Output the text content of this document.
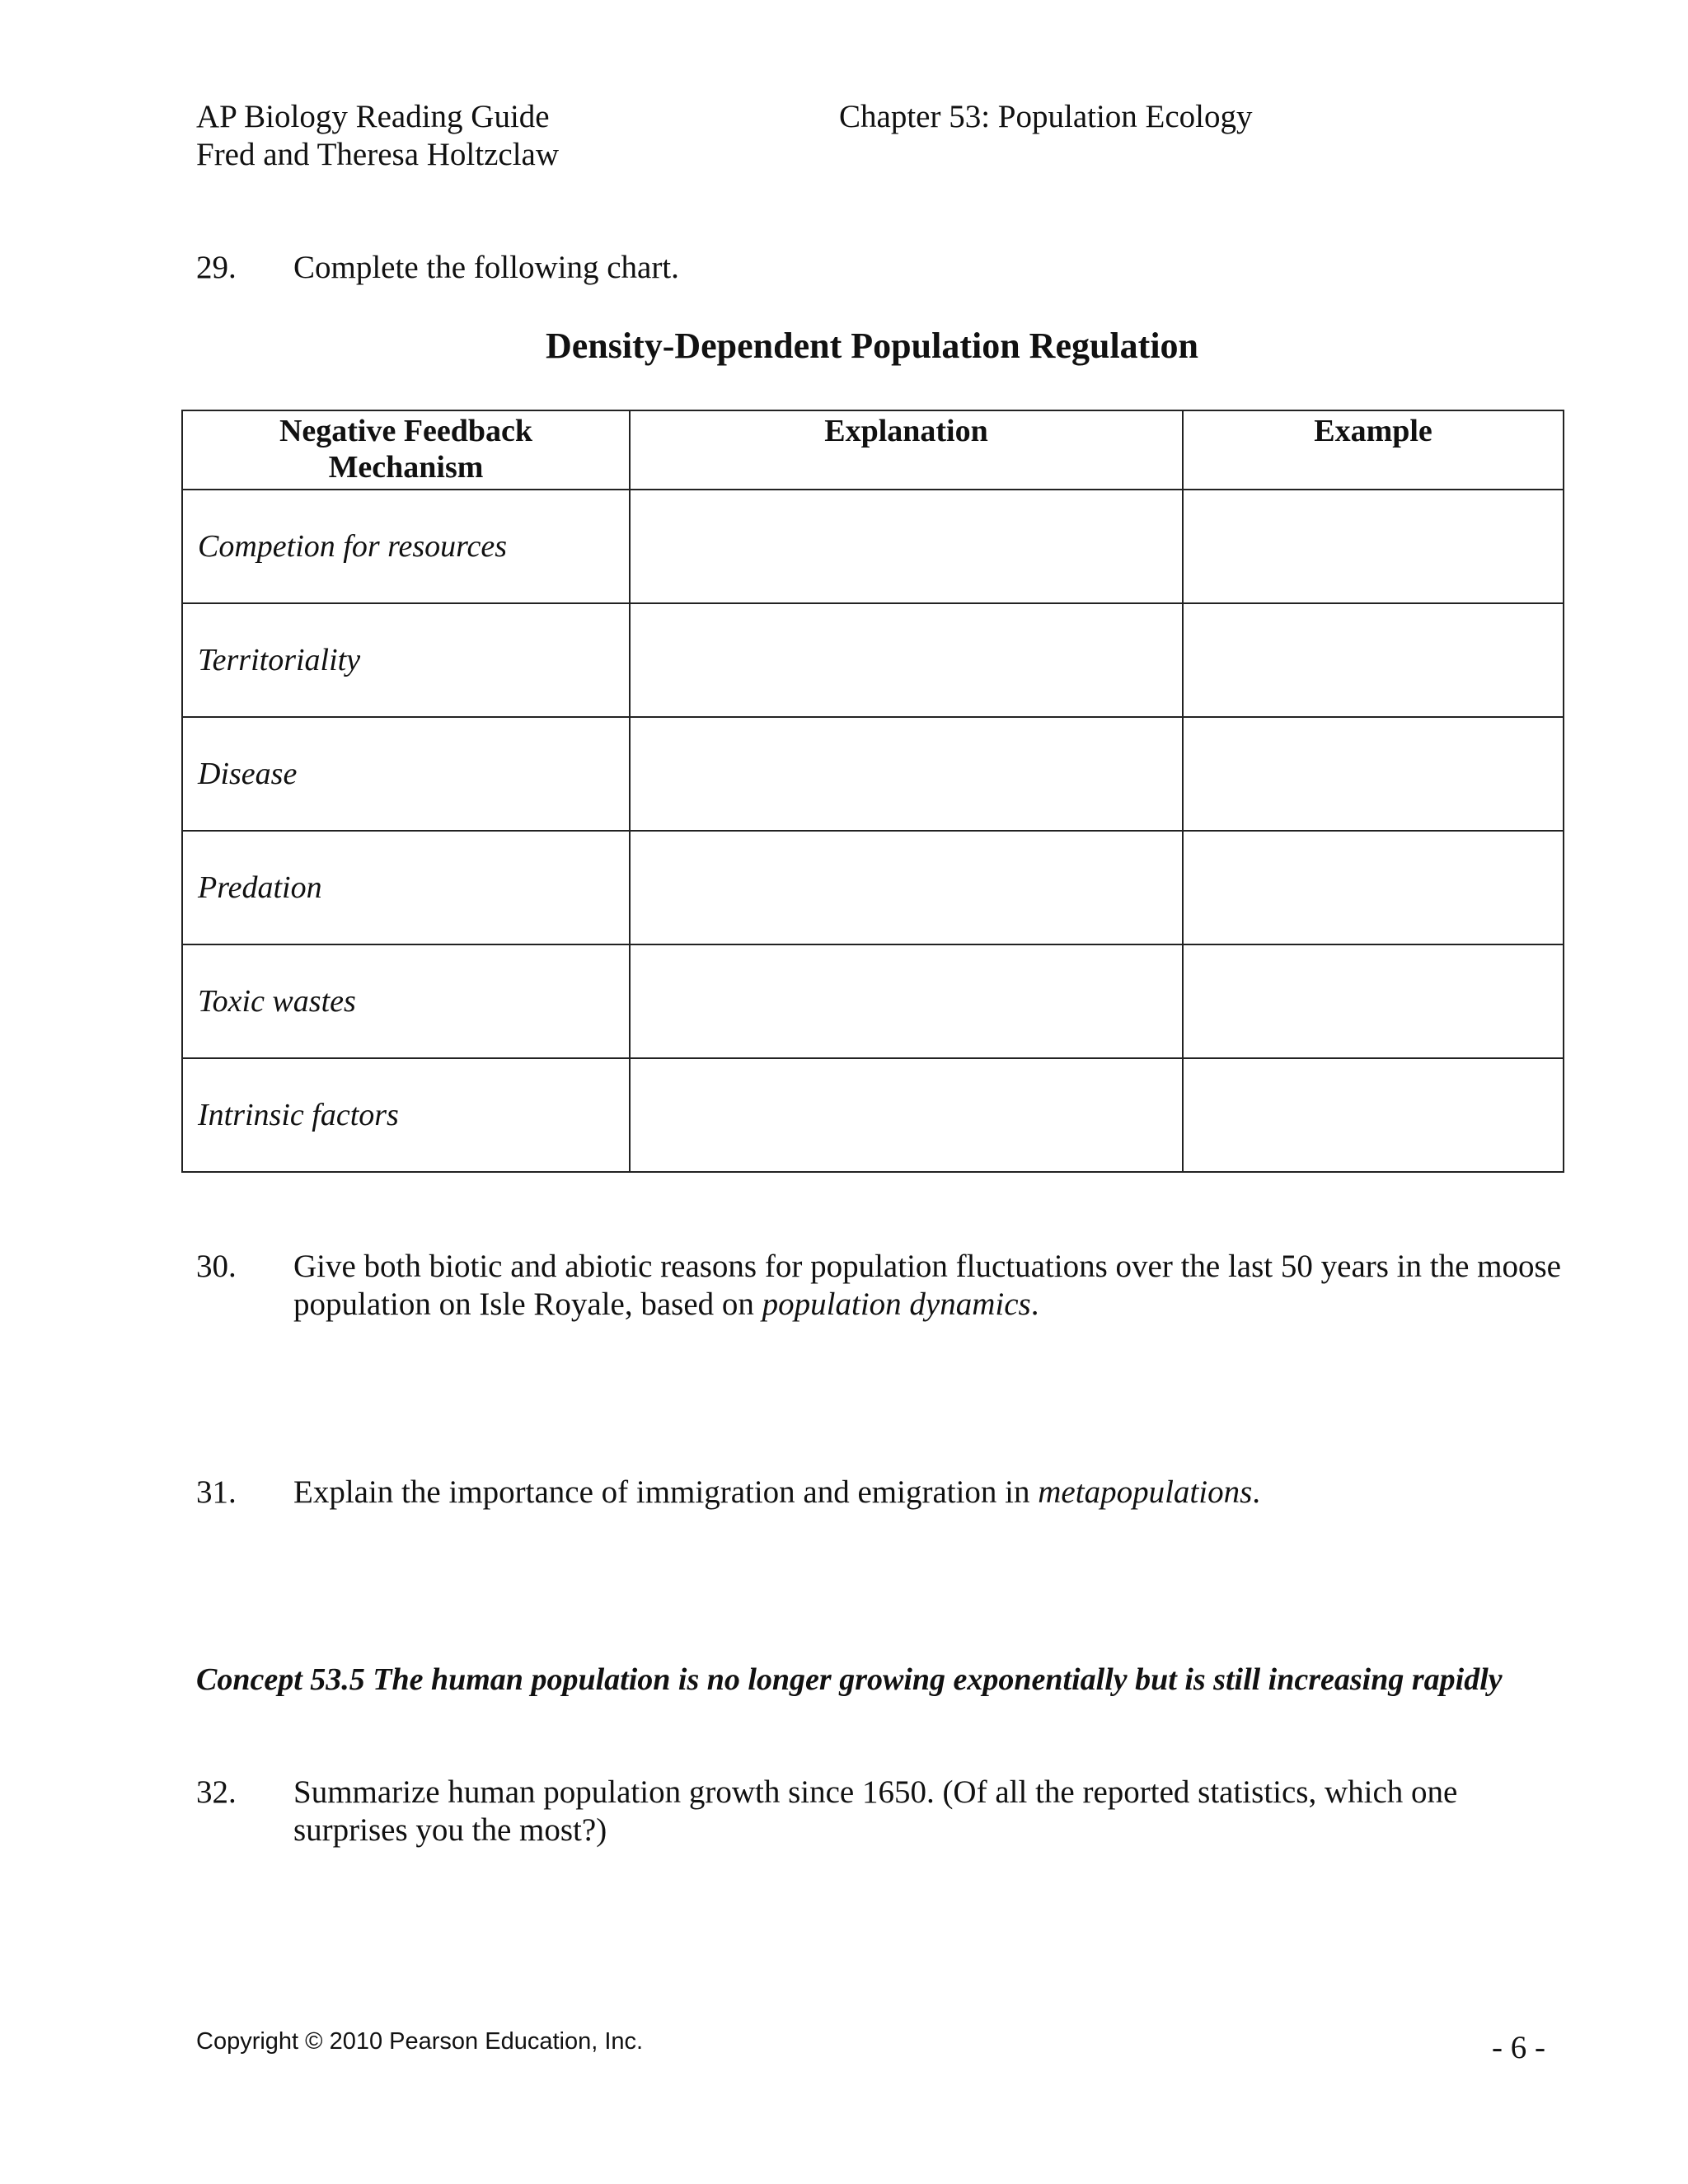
AP Biology Reading Guide
Fred and Theresa Holtzclaw
Chapter 53: Population Ecology
29. Complete the following chart.
Density-Dependent Population Regulation
Negative Feedback Mechanism	Explanation	Example
Competion for resources		
Territoriality		
Disease		
Predation		
Toxic wastes		
Intrinsic factors		
30. Give both biotic and abiotic reasons for population fluctuations over the last 50 years in the moose population on Isle Royale, based on population dynamics.
31. Explain the importance of immigration and emigration in metapopulations.
Concept 53.5 The human population is no longer growing exponentially but is still increasing rapidly
32. Summarize human population growth since 1650. (Of all the reported statistics, which one surprises you the most?)
Copyright © 2010 Pearson Education, Inc.	- 6 -
